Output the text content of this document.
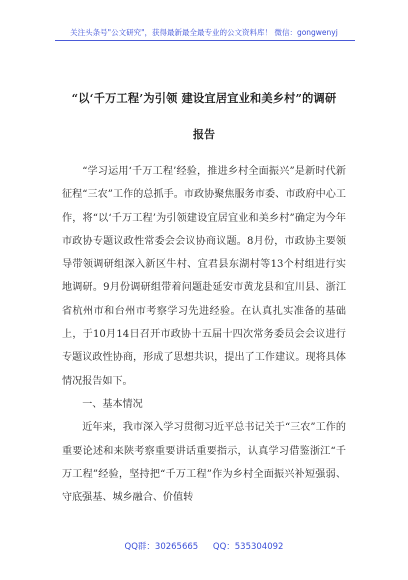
关注头条号"公文研究"，获得最新最全最专业的公文资料库！ 微信：gongwenyj
“以‘千万工程’为引领 建设宜居宜业和美乡村”的调研
报告

“学习运用‘千万工程’经验，推进乡村全面振兴”是新时代新征程“三农”工作的总抓手。市政协聚焦服务市委、市政府中心工作，将“以‘千万工程’为引领建设宜居宜业和美乡村”确定为今年市政协专题议政性常委会会议协商议题。8月份，市政协主要领导带领调研组深入新区牛村、宜君县东湖村等13个村组进行实地调研。9月份调研组带着问题赴延安市黄龙县和宜川县、浙江省杭州市和台州市考察学习先进经验。在认真扎实准备的基础上，于10月14日召开市政协十五届十四次常务委员会会议进行专题议政性协商，形成了思想共识，提出了工作建议。现将具体情况报告如下。

一、基本情况

近年来，我市深入学习贯彻习近平总书记关于“三农”工作的重要论述和来陕考察重要讲话重要指示，认真学习借鉴浙江“千万工程”经验，坚持把“千万工程”作为乡村全面振兴补短强弱、守底强基、城乡融合、价值转

QQ群：30265665 QQ：535304092
